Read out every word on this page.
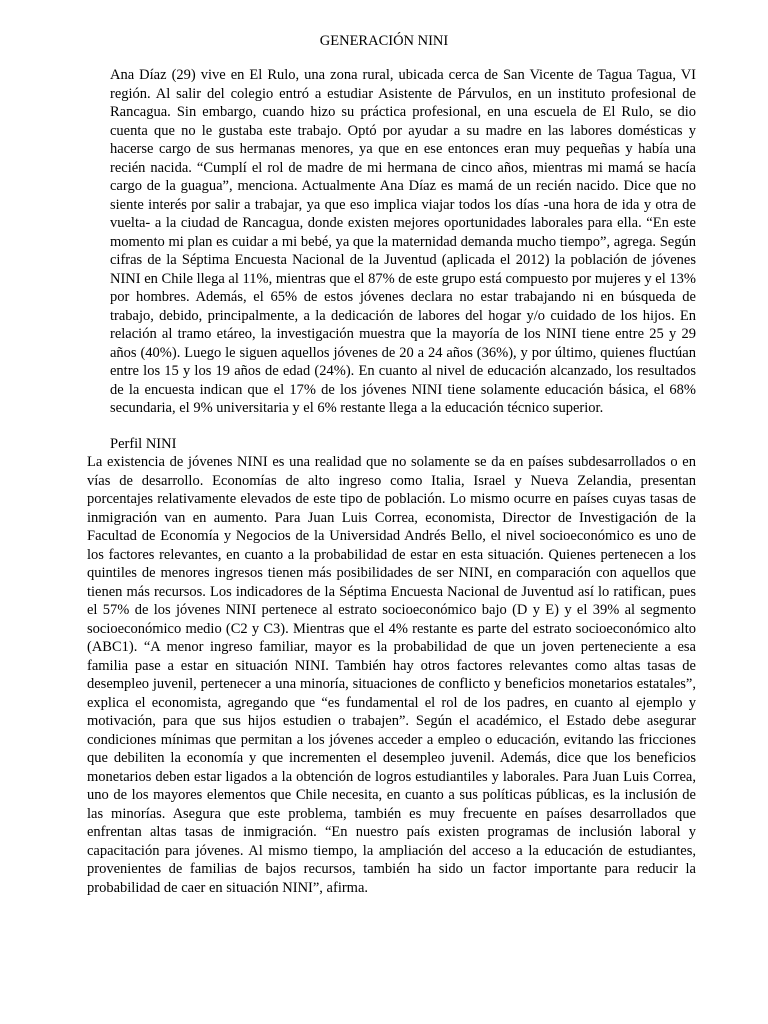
GENERACIÓN NINI

Ana Díaz (29) vive en El Rulo, una zona rural, ubicada cerca de San Vicente de Tagua Tagua, VI región. Al salir del colegio entró a estudiar Asistente de Párvulos, en un instituto profesional de Rancagua. Sin embargo, cuando hizo su práctica profesional, en una escuela de El Rulo, se dio cuenta que no le gustaba este trabajo. Optó por ayudar a su madre en las labores domésticas y hacerse cargo de sus hermanas menores, ya que en ese entonces eran muy pequeñas y había una recién nacida. “Cumplí el rol de madre de mi hermana de cinco años, mientras mi mamá se hacía cargo de la guagua”, menciona. Actualmente Ana Díaz es mamá de un recién nacido. Dice que no siente interés por salir a trabajar, ya que eso implica viajar todos los días -una hora de ida y otra de vuelta- a la ciudad de Rancagua, donde existen mejores oportunidades laborales para ella. “En este momento mi plan es cuidar a mi bebé, ya que la maternidad demanda mucho tiempo”, agrega. Según cifras de la Séptima Encuesta Nacional de la Juventud (aplicada el 2012) la población de jóvenes NINI en Chile llega al 11%, mientras que el 87% de este grupo está compuesto por mujeres y el 13% por hombres. Además, el 65% de estos jóvenes declara no estar trabajando ni en búsqueda de trabajo, debido, principalmente, a la dedicación de labores del hogar y/o cuidado de los hijos. En relación al tramo etáreo, la investigación muestra que la mayoría de los NINI tiene entre 25 y 29 años (40%). Luego le siguen aquellos jóvenes de 20 a 24 años (36%), y por último, quienes fluctúan entre los 15 y los 19 años de edad (24%). En cuanto al nivel de educación alcanzado, los resultados de la encuesta indican que el 17% de los jóvenes NINI tiene solamente educación básica, el 68% secundaria, el 9% universitaria y el 6% restante llega a la educación técnico superior.

Perfil NINI

La existencia de jóvenes NINI es una realidad que no solamente se da en países subdesarrollados o en vías de desarrollo. Economías de alto ingreso como Italia, Israel y Nueva Zelandia, presentan porcentajes relativamente elevados de este tipo de población. Lo mismo ocurre en países cuyas tasas de inmigración van en aumento. Para Juan Luis Correa, economista, Director de Investigación de la Facultad de Economía y Negocios de la Universidad Andrés Bello, el nivel socioeconómico es uno de los factores relevantes, en cuanto a la probabilidad de estar en esta situación. Quienes pertenecen a los quintiles de menores ingresos tienen más posibilidades de ser NINI, en comparación con aquellos que tienen más recursos. Los indicadores de la Séptima Encuesta Nacional de Juventud así lo ratifican, pues el 57% de los jóvenes NINI pertenece al estrato socioeconómico bajo (D y E) y el 39% al segmento socioeconómico medio (C2 y C3). Mientras que el 4% restante es parte del estrato socioeconómico alto (ABC1). “A menor ingreso familiar, mayor es la probabilidad de que un joven perteneciente a esa familia pase a estar en situación NINI. También hay otros factores relevantes como altas tasas de desempleo juvenil, pertenecer a una minoría, situaciones de conflicto y beneficios monetarios estatales”, explica el economista, agregando que “es fundamental el rol de los padres, en cuanto al ejemplo y motivación, para que sus hijos estudien o trabajen”. Según el académico, el Estado debe asegurar condiciones mínimas que permitan a los jóvenes acceder a empleo o educación, evitando las fricciones que debiliten la economía y que incrementen el desempleo juvenil. Además, dice que los beneficios monetarios deben estar ligados a la obtención de logros estudiantiles y laborales. Para Juan Luis Correa, uno de los mayores elementos que Chile necesita, en cuanto a sus políticas públicas, es la inclusión de las minorías. Asegura que este problema, también es muy frecuente en países desarrollados que enfrentan altas tasas de inmigración. “En nuestro país existen programas de inclusión laboral y capacitación para jóvenes. Al mismo tiempo, la ampliación del acceso a la educación de estudiantes, provenientes de familias de bajos recursos, también ha sido un factor importante para reducir la probabilidad de caer en situación NINI”, afirma.
